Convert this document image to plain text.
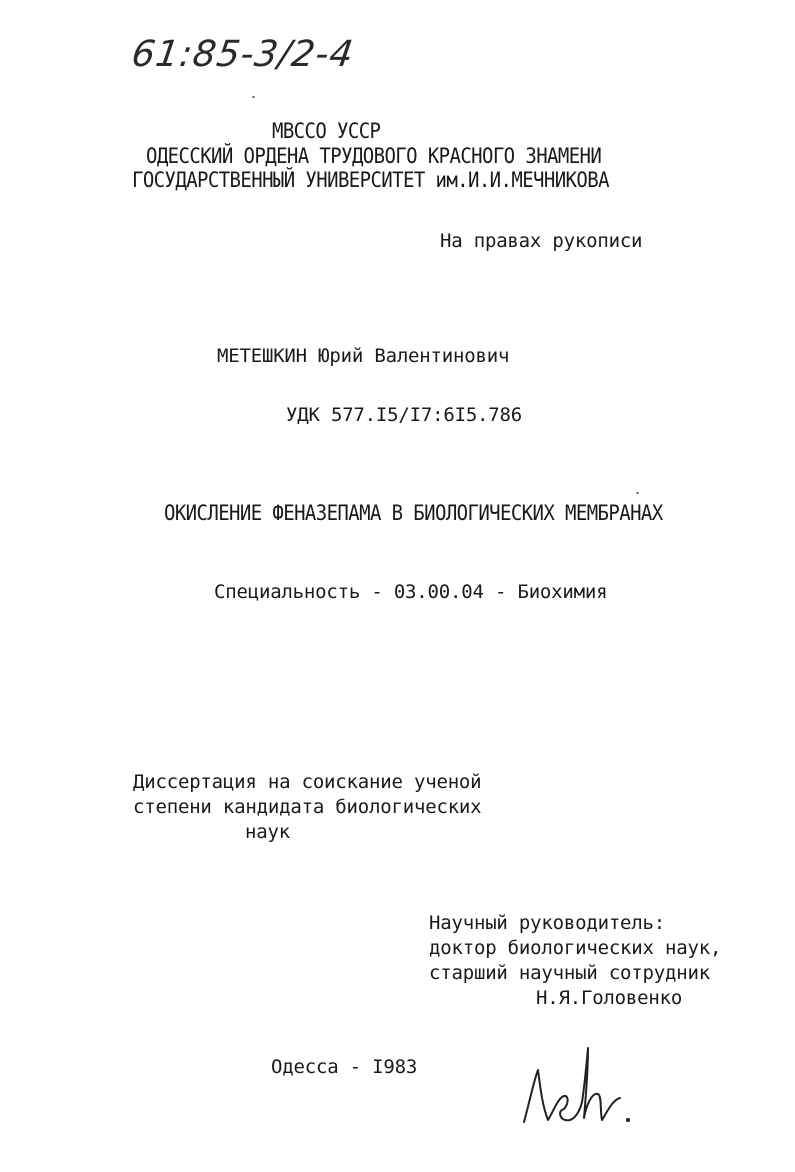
61:85-3/2-4
МВССО УССР
ОДЕССКИЙ ОРДЕНА ТРУДОВОГО КРАСНОГО ЗНАМЕНИ
ГОСУДАРСТВЕННЫЙ УНИВЕРСИТЕТ им.И.И.МЕЧНИКОВА
На правах рукописи
МЕТЕШКИН Юрий Валентинович
УДК 577.I5/I7:6I5.786
ОКИСЛЕНИЕ ФЕНАЗЕПАМА В БИОЛОГИЧЕСКИХ МЕМБРАНАХ
Специальность - 03.00.04 - Биохимия
Диссертация на соискание ученой
степени кандидата биологических
наук
Научный руководитель:
доктор биологических наук,
старший научный сотрудник
Н.Я.Головенко
Одесса - I983
